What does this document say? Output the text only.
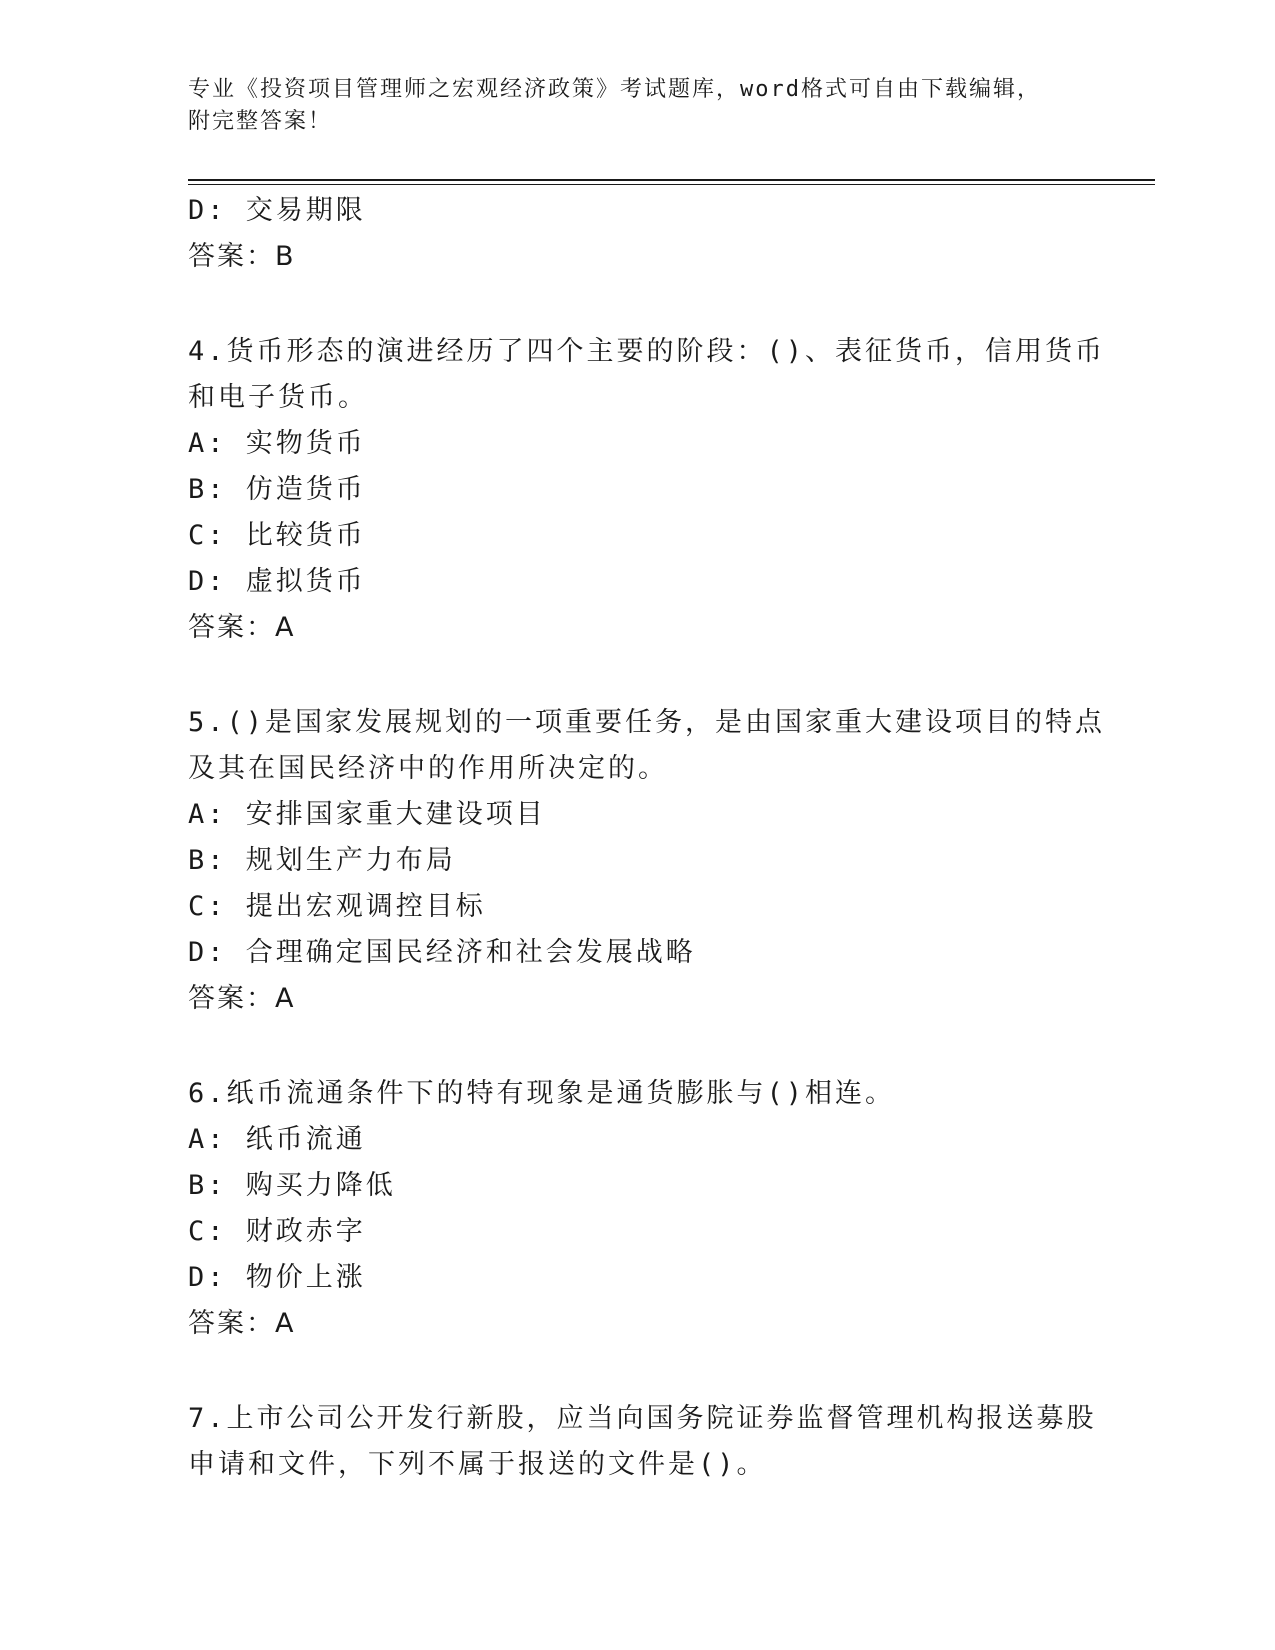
专业《投资项目管理师之宏观经济政策》考试题库，word格式可自由下载编辑，
附完整答案！
D: 交易期限
答案：B
4.货币形态的演进经历了四个主要的阶段：()、表征货币，信用货币
和电子货币。
A: 实物货币
B: 仿造货币
C: 比较货币
D: 虚拟货币
答案：A
5.()是国家发展规划的一项重要任务，是由国家重大建设项目的特点
及其在国民经济中的作用所决定的。
A: 安排国家重大建设项目
B: 规划生产力布局
C: 提出宏观调控目标
D: 合理确定国民经济和社会发展战略
答案：A
6.纸币流通条件下的特有现象是通货膨胀与()相连。
A: 纸币流通
B: 购买力降低
C: 财政赤字
D: 物价上涨
答案：A
7.上市公司公开发行新股，应当向国务院证券监督管理机构报送募股
申请和文件，下列不属于报送的文件是()。
